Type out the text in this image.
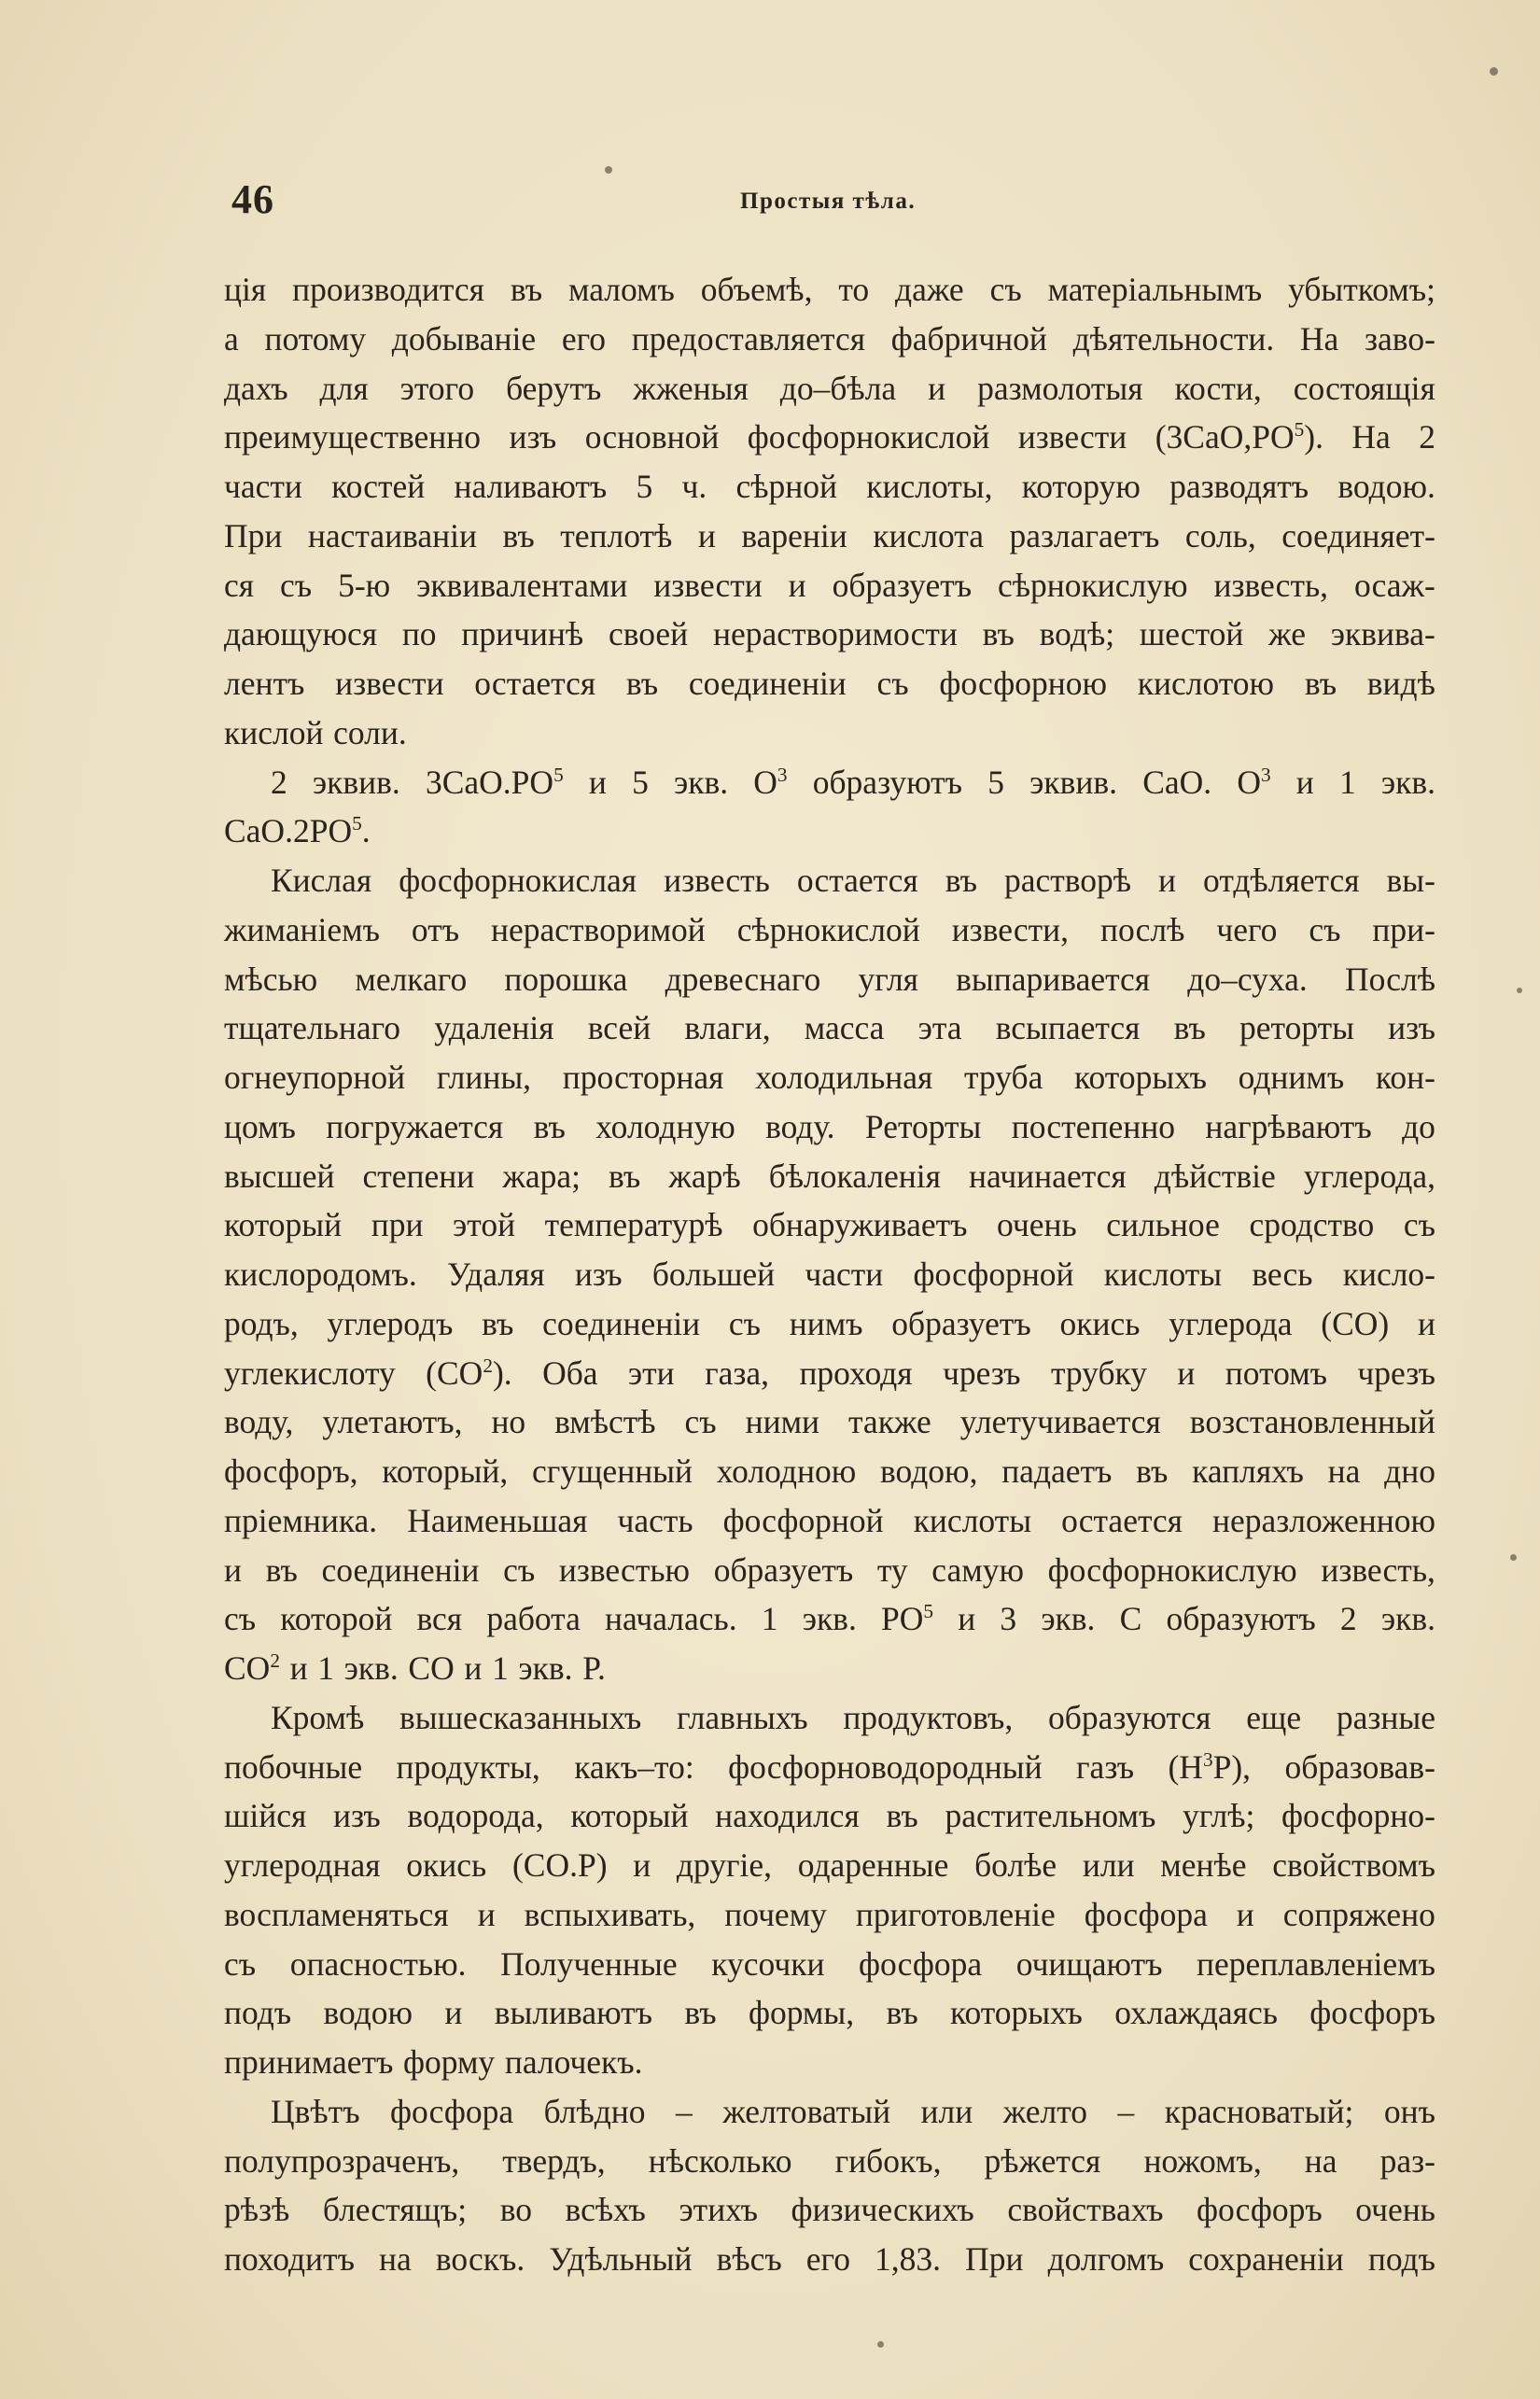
46	Простыя тѣла.
ція производится въ маломъ объемѣ, то даже съ матеріальнымъ убыткомъ;
а потому добываніе его предоставляется фабричной дѣятельности. На заво-
дахъ для этого берутъ жженыя до–бѣла и размолотыя кости, состоящія
преимущественно изъ основной фосфорнокислой извести $(3CaO,PO^5)$. На 2
части костей наливаютъ 5 ч. сѣрной кислоты, которую разводятъ водою.
При настаиваніи въ теплотѣ и вареніи кислота разлагаетъ соль, соединяет-
ся съ 5-ю эквивалентами извести и образуетъ сѣрнокислую известь, осаж-
дающуюся по причинѣ своей нерастворимости въ водѣ; шестой же эквива-
лентъ извести остается въ соединеніи съ фосфорною кислотою въ видѣ
кислой соли.
2 эквив. $3CaO.PO^5$ и 5 экв. $O^3$ образуютъ 5 эквив. CaO. $O^3$ и 1 экв.
$CaO.2PO^5$.
Кислая фосфорнокислая известь остается въ растворѣ и отдѣляется вы-
жиманіемъ отъ нерастворимой сѣрнокислой извести, послѣ чего съ при-
мѣсью мелкаго порошка древеснаго угля выпаривается до–суха. Послѣ
тщательнаго удаленія всей влаги, масса эта всыпается въ реторты изъ
огнеупорной глины, просторная холодильная труба которыхъ однимъ кон-
цомъ погружается въ холодную воду. Реторты постепенно нагрѣваютъ до
высшей степени жара; въ жарѣ бѣлокаленія начинается дѣйствіе углерода,
который при этой температурѣ обнаруживаетъ очень сильное сродство съ
кислородомъ. Удаляя изъ большей части фосфорной кислоты весь кисло-
родъ, углеродъ въ соединеніи съ нимъ образуетъ окись углерода (CO) и
углекислоту $(CO^2)$. Оба эти газа, проходя чрезъ трубку и потомъ чрезъ
воду, улетаютъ, но вмѣстѣ съ ними также улетучивается возстановленный
фосфоръ, который, сгущенный холодною водою, падаетъ въ капляхъ на дно
пріемника. Наименьшая часть фосфорной кислоты остается неразложенною
и въ соединеніи съ известью образуетъ ту самую фосфорнокислую известь,
съ которой вся работа началась. 1 экв. $PO^5$ и 3 экв. C образуютъ 2 экв.
$CO^2$ и 1 экв. CO и 1 экв. P.
Кромѣ вышесказанныхъ главныхъ продуктовъ, образуются еще разные
побочные продукты, какъ–то: фосфорноводородный газъ $(H^3P)$, образовав-
шійся изъ водорода, который находился въ растительномъ углѣ; фосфорно-
углеродная окись (CO.P) и другіе, одаренные болѣе или менѣе свойствомъ
воспламеняться и вспыхивать, почему приготовленіе фосфора и сопряжено
съ опасностью. Полученные кусочки фосфора очищаютъ переплавленіемъ
подъ водою и выливаютъ въ формы, въ которыхъ охлаждаясь фосфоръ
принимаетъ форму палочекъ.
Цвѣтъ фосфора блѣдно – желтоватый или желто – красноватый; онъ
полупрозраченъ, твердъ, нѣсколько гибокъ, рѣжется ножомъ, на раз-
рѣзѣ блестящъ; во всѣхъ этихъ физическихъ свойствахъ фосфоръ очень
походитъ на воскъ. Удѣльный вѣсъ его 1,83. При долгомъ сохраненіи подъ
